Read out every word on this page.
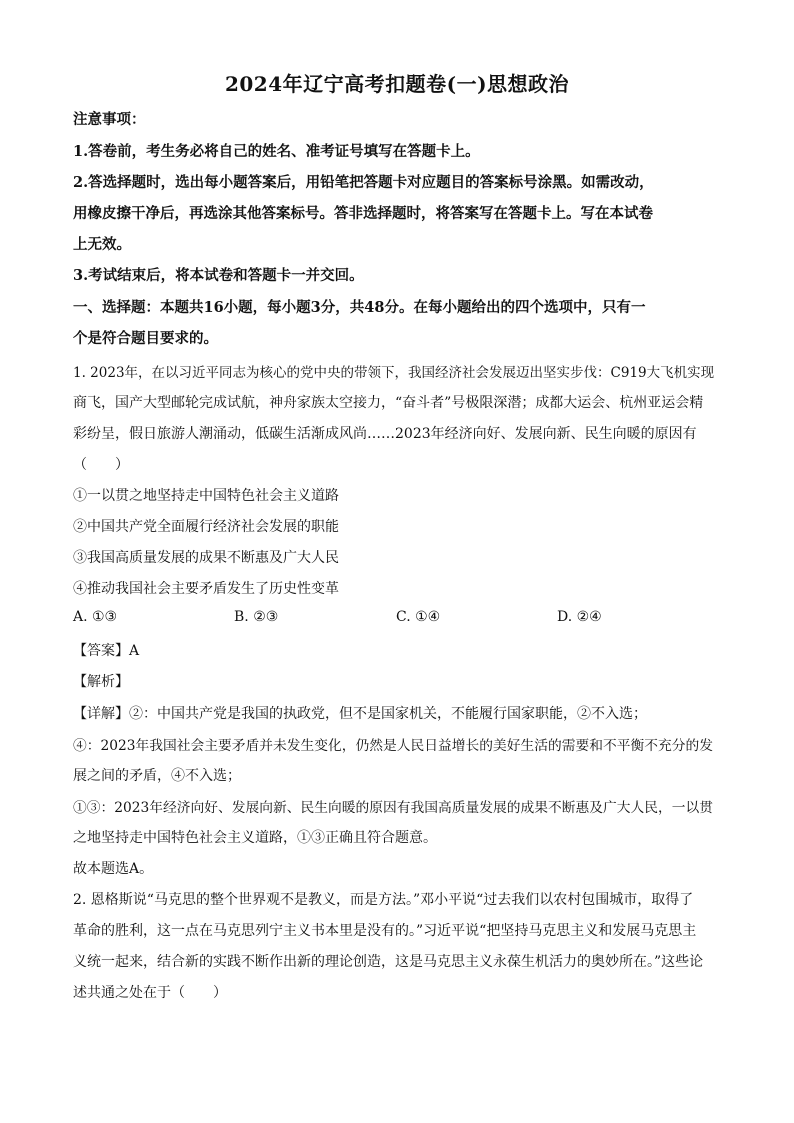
2024年辽宁高考扣题卷(一)思想政治
注意事项：
1.答卷前，考生务必将自己的姓名、准考证号填写在答题卡上。
2.答选择题时，选出每小题答案后，用铅笔把答题卡对应题目的答案标号涂黑。如需改动，
用橡皮擦干净后，再选涂其他答案标号。答非选择题时，将答案写在答题卡上。写在本试卷
上无效。
3.考试结束后，将本试卷和答题卡一并交回。
一、选择题：本题共16小题，每小题3分，共48分。在每小题给出的四个选项中，只有一
个是符合题目要求的。
1. 2023年，在以习近平同志为核心的党中央的带领下，我国经济社会发展迈出坚实步伐：C919大飞机实现
商飞，国产大型邮轮完成试航，神舟家族太空接力，“奋斗者”号极限深潜；成都大运会、杭州亚运会精
彩纷呈，假日旅游人潮涌动，低碳生活渐成风尚……2023年经济向好、发展向新、民生向暖的原因有
（　　）
①一以贯之地坚持走中国特色社会主义道路
②中国共产党全面履行经济社会发展的职能
③我国高质量发展的成果不断惠及广大人民
④推动我国社会主要矛盾发生了历史性变革
A. ①③	B. ②③	C. ①④	D. ②④
【答案】A
【解析】
【详解】②：中国共产党是我国的执政党，但不是国家机关，不能履行国家职能，②不入选；
④：2023年我国社会主要矛盾并未发生变化，仍然是人民日益增长的美好生活的需要和不平衡不充分的发
展之间的矛盾，④不入选；
①③：2023年经济向好、发展向新、民生向暖的原因有我国高质量发展的成果不断惠及广大人民，一以贯
之地坚持走中国特色社会主义道路，①③正确且符合题意。
故本题选A。
2. 恩格斯说“马克思的整个世界观不是教义，而是方法。”邓小平说“过去我们以农村包围城市，取得了
革命的胜利，这一点在马克思列宁主义书本里是没有的。”习近平说“把坚持马克思主义和发展马克思主
义统一起来，结合新的实践不断作出新的理论创造，这是马克思主义永葆生机活力的奥妙所在。”这些论
述共通之处在于（　　）
